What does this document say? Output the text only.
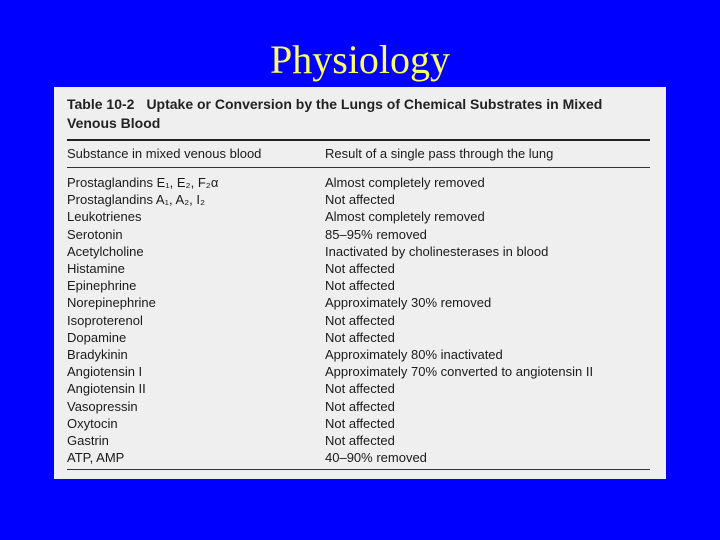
Physiology
Table 10-2 Uptake or Conversion by the Lungs of Chemical Substrates in Mixed Venous Blood
Substance in mixed venous blood	Result of a single pass through the lung
Prostaglandins E₁, E₂, F₂α	Almost completely removed
Prostaglandins A₁, A₂, I₂	Not affected
Leukotrienes	Almost completely removed
Serotonin	85–95% removed
Acetylcholine	Inactivated by cholinesterases in blood
Histamine	Not affected
Epinephrine	Not affected
Norepinephrine	Approximately 30% removed
Isoproterenol	Not affected
Dopamine	Not affected
Bradykinin	Approximately 80% inactivated
Angiotensin I	Approximately 70% converted to angiotensin II
Angiotensin II	Not affected
Vasopressin	Not affected
Oxytocin	Not affected
Gastrin	Not affected
ATP, AMP	40–90% removed
